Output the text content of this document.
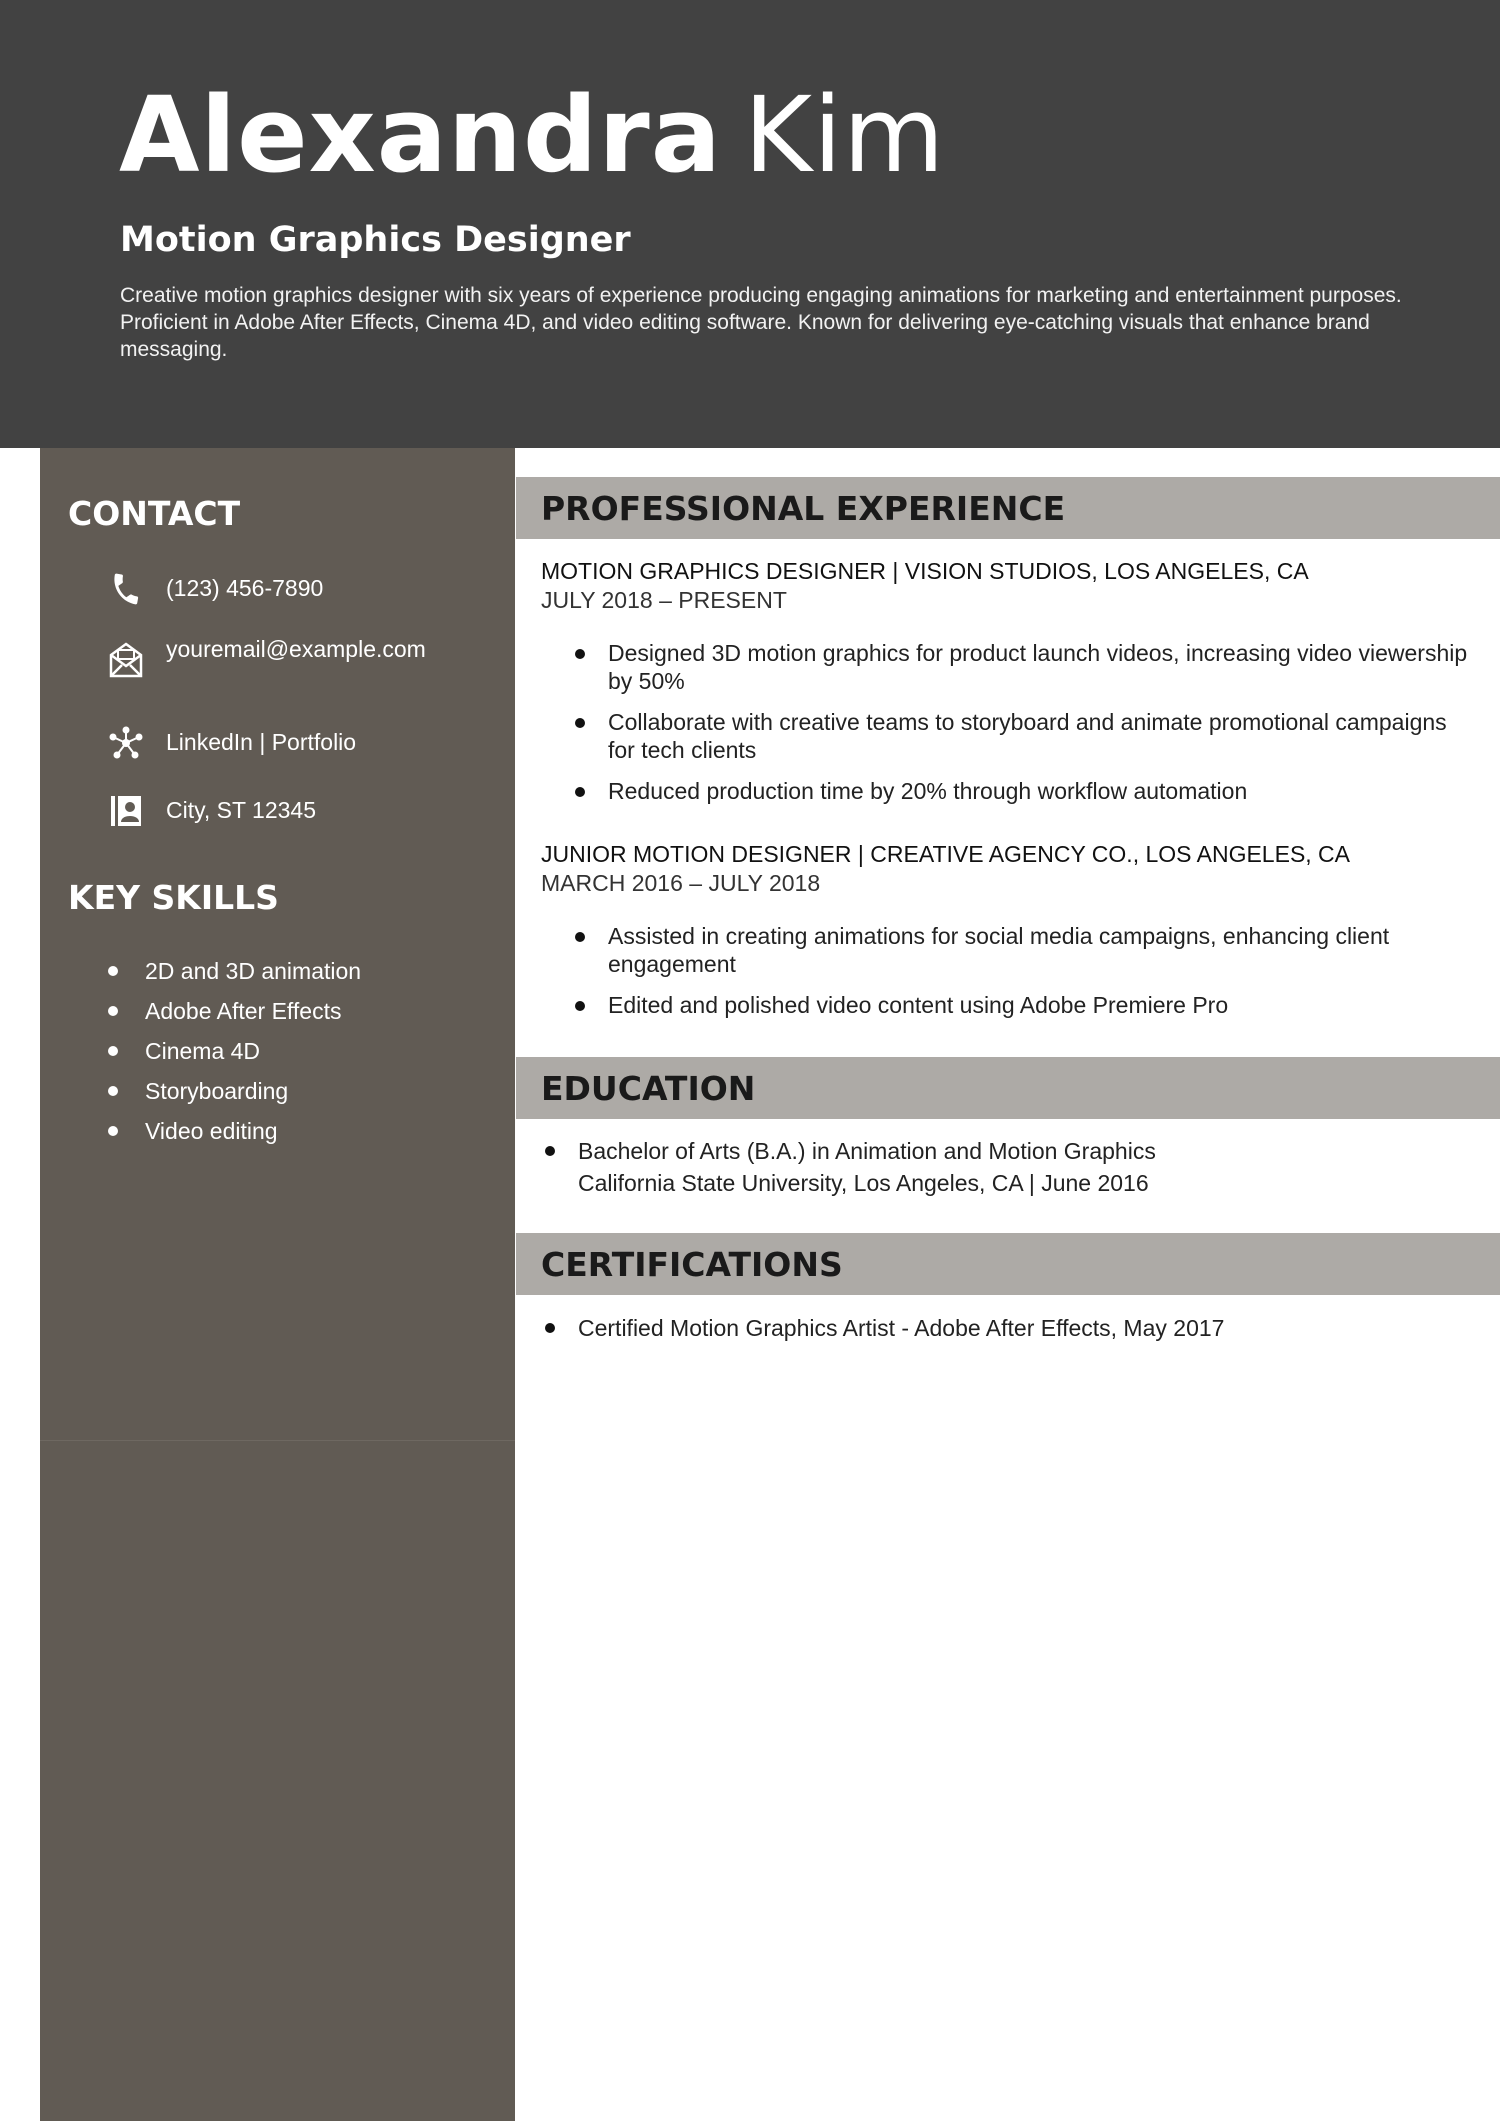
Alexandra Kim
Motion Graphics Designer
Creative motion graphics designer with six years of experience producing engaging animations for marketing and entertainment purposes. Proficient in Adobe After Effects, Cinema 4D, and video editing software. Known for delivering eye-catching visuals that enhance brand messaging.
CONTACT
(123) 456-7890
youremail@example.com
LinkedIn | Portfolio
City, ST 12345
KEY SKILLS
2D and 3D animation
Adobe After Effects
Cinema 4D
Storyboarding
Video editing
PROFESSIONAL EXPERIENCE
MOTION GRAPHICS DESIGNER | VISION STUDIOS, LOS ANGELES, CA
JULY 2018 – PRESENT
Designed 3D motion graphics for product launch videos, increasing video viewership by 50%
Collaborate with creative teams to storyboard and animate promotional campaigns for tech clients
Reduced production time by 20% through workflow automation
JUNIOR MOTION DESIGNER | CREATIVE AGENCY CO., LOS ANGELES, CA
MARCH 2016 – JULY 2018
Assisted in creating animations for social media campaigns, enhancing client engagement
Edited and polished video content using Adobe Premiere Pro
EDUCATION
Bachelor of Arts (B.A.) in Animation and Motion Graphics
California State University, Los Angeles, CA | June 2016
CERTIFICATIONS
Certified Motion Graphics Artist - Adobe After Effects, May 2017
